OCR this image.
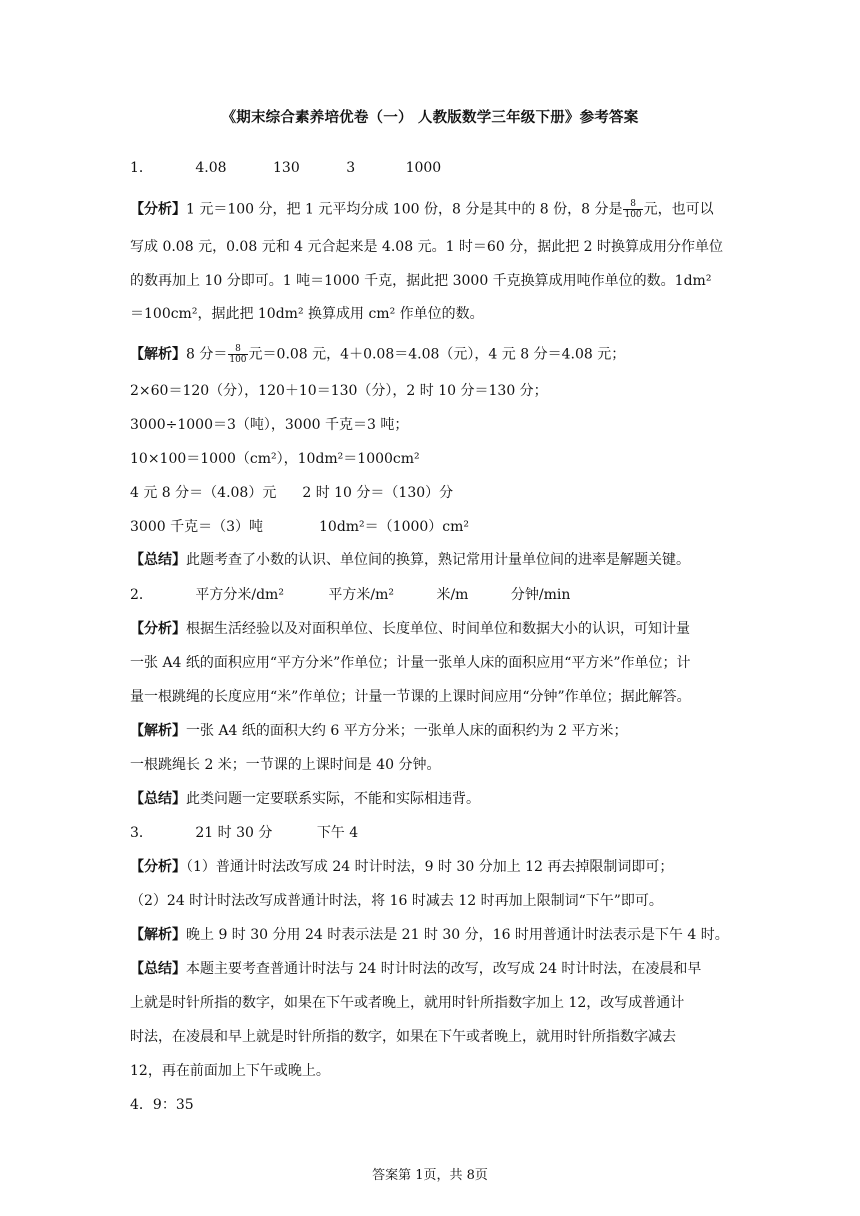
《期末综合素养培优卷（一） 人教版数学三年级下册》参考答案
1．	4.08	130	3	1000
【分析】1 元＝100 分，把 1 元平均分成 100 份，8 分是其中的 8 份，8 分是 $\frac{8}{100}$ 元，也可以
写成 0.08 元，0.08 元和 4 元合起来是 4.08 元。1 时＝60 分，据此把 2 时换算成用分作单位
的数再加上 10 分即可。1 吨＝1000 千克，据此把 3000 千克换算成用吨作单位的数。1dm²
＝100cm²，据此把 10dm² 换算成用 cm² 作单位的数。
【解析】8 分＝ $\frac{8}{100}$ 元＝0.08 元，4＋0.08＝4.08（元），4 元 8 分＝4.08 元；
2×60＝120（分），120＋10＝130（分），2 时 10 分＝130 分；
3000÷1000＝3（吨），3000 千克＝3 吨；
10×100＝1000（cm²），10dm²＝1000cm²
4 元 8 分＝（4.08）元 2 时 10 分＝（130）分
3000 千克＝（3）吨	10dm²＝（1000）cm²
【总结】此题考查了小数的认识、单位间的换算，熟记常用计量单位间的进率是解题关键。
2．	平方分米/dm²	平方米/m²	米/m	分钟/min
【分析】根据生活经验以及对面积单位、长度单位、时间单位和数据大小的认识，可知计量
一张 A4 纸的面积应用“平方分米”作单位；计量一张单人床的面积应用“平方米”作单位；计
量一根跳绳的长度应用“米”作单位；计量一节课的上课时间应用“分钟”作单位；据此解答。
【解析】一张 A4 纸的面积大约 6 平方分米；一张单人床的面积约为 2 平方米；
一根跳绳长 2 米；一节课的上课时间是 40 分钟。
【总结】此类问题一定要联系实际，不能和实际相违背。
3．	21 时 30 分	下午 4
【分析】（1）普通计时法改写成 24 时计时法，9 时 30 分加上 12 再去掉限制词即可；
（2）24 时计时法改写成普通计时法，将 16 时减去 12 时再加上限制词“下午”即可。
【解析】晚上 9 时 30 分用 24 时表示法是 21 时 30 分，16 时用普通计时法表示是下午 4 时。
【总结】本题主要考查普通计时法与 24 时计时法的改写，改写成 24 时计时法，在凌晨和早
上就是时针所指的数字，如果在下午或者晚上，就用时针所指数字加上 12，改写成普通计
时法，在凌晨和早上就是时针所指的数字，如果在下午或者晚上，就用时针所指数字减去
12，再在前面加上下午或晚上。
4．9：35
答案第 1页，共 8页
